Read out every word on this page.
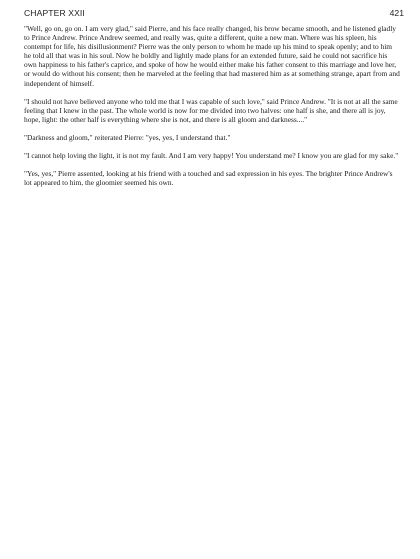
CHAPTER XXII	421

"Well, go on, go on. I am very glad," said Pierre, and his face really changed, his brow became smooth, and he listened gladly to Prince Andrew. Prince Andrew seemed, and really was, quite a different, quite a new man. Where was his spleen, his contempt for life, his disillusionment? Pierre was the only person to whom he made up his mind to speak openly; and to him he told all that was in his soul. Now he boldly and lightly made plans for an extended future, said he could not sacrifice his own happiness to his father's caprice, and spoke of how he would either make his father consent to this marriage and love her, or would do without his consent; then he marveled at the feeling that had mastered him as at something strange, apart from and independent of himself.

"I should not have believed anyone who told me that I was capable of such love," said Prince Andrew. "It is not at all the same feeling that I knew in the past. The whole world is now for me divided into two halves: one half is she, and there all is joy, hope, light: the other half is everything where she is not, and there is all gloom and darkness...."

"Darkness and gloom," reiterated Pierre: "yes, yes, I understand that."

"I cannot help loving the light, it is not my fault. And I am very happy! You understand me? I know you are glad for my sake."

"Yes, yes," Pierre assented, looking at his friend with a touched and sad expression in his eyes. The brighter Prince Andrew's lot appeared to him, the gloomier seemed his own.
